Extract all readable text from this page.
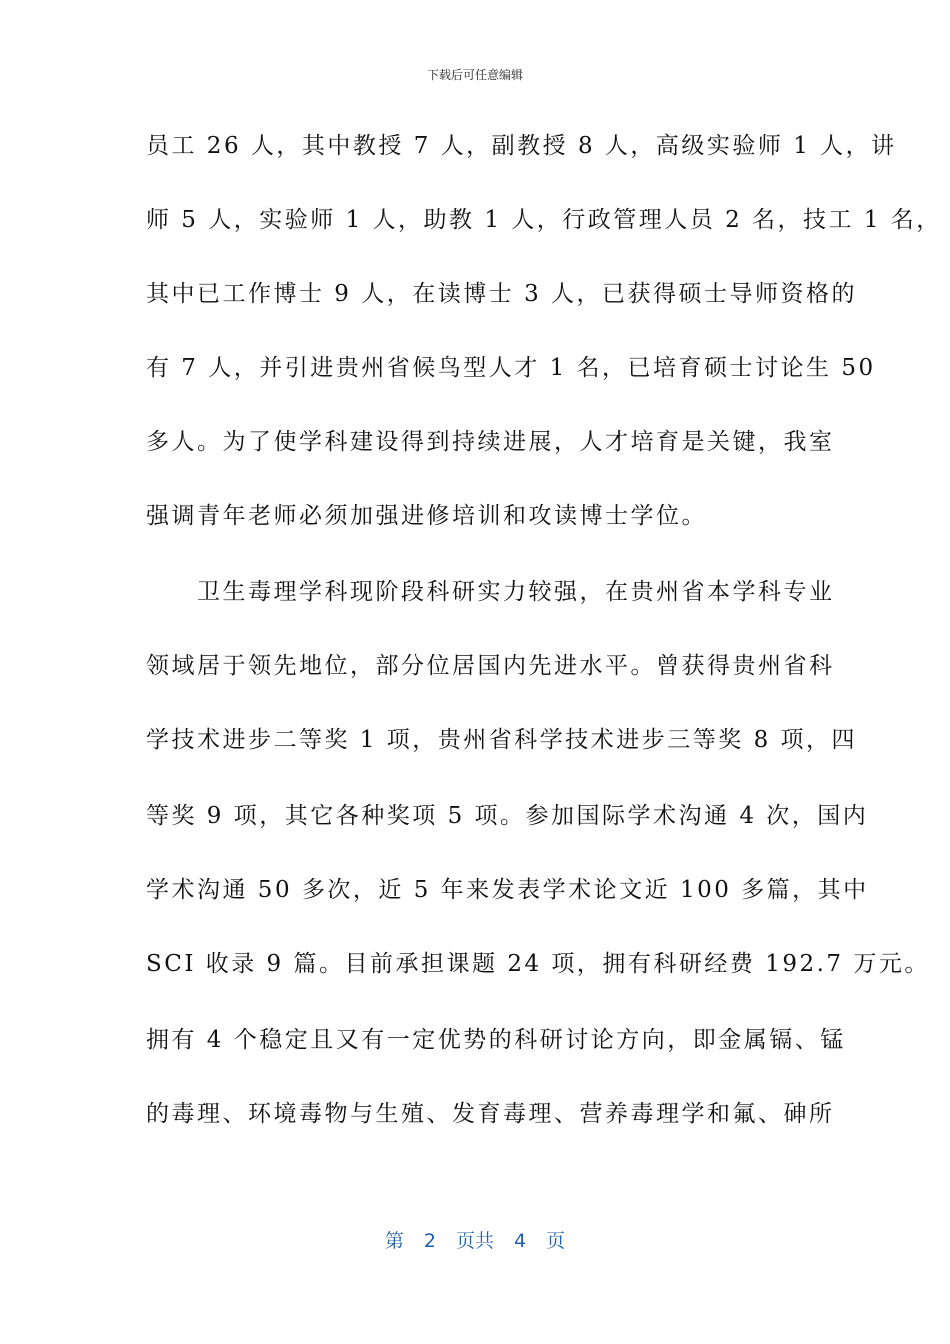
下载后可任意编辑
员工 26 人，其中教授 7 人，副教授 8 人，高级实验师 1 人，讲
师 5 人，实验师 1 人，助教 1 人，行政管理人员 2 名，技工 1 名，
其中已工作博士 9 人，在读博士 3 人，已获得硕士导师资格的
有 7 人，并引进贵州省候鸟型人才 1 名，已培育硕士讨论生 50
多人。为了使学科建设得到持续进展，人才培育是关键，我室
强调青年老师必须加强进修培训和攻读博士学位。
　　卫生毒理学科现阶段科研实力较强，在贵州省本学科专业
领域居于领先地位，部分位居国内先进水平。曾获得贵州省科
学技术进步二等奖 1 项，贵州省科学技术进步三等奖 8 项，四
等奖 9 项，其它各种奖项 5 项。参加国际学术沟通 4 次，国内
学术沟通 50 多次，近 5 年来发表学术论文近 100 多篇，其中
SCI 收录 9 篇。目前承担课题 24 项，拥有科研经费 192.7 万元。
拥有 4 个稳定且又有一定优势的科研讨论方向，即金属镉、锰
的毒理、环境毒物与生殖、发育毒理、营养毒理学和氟、砷所
第 2 页共 4 页
